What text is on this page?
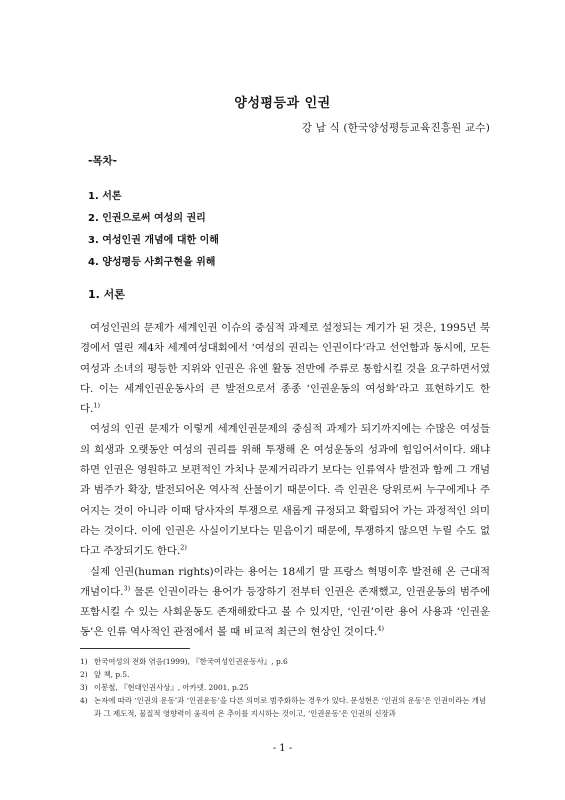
양성평등과 인권
강 남 식 (한국양성평등교육진흥원 교수)
-목차-
1. 서론
2. 인권으로써 여성의 권리
3. 여성인권 개념에 대한 이해
4. 양성평등 사회구현을 위해
1. 서론

여성인권의 문제가 세계인권 이슈의 중심적 과제로 설정되는 계기가 된 것은, 1995년 북경에서 열린 제4차 세계여성대회에서 ‘여성의 권리는 인권이다’라고 선언함과 동시에, 모든 여성과 소녀의 평등한 지위와 인권은 유엔 활동 전반에 주류로 통합시킬 것을 요구하면서였다. 이는 세계인권운동사의 큰 발전으로서 종종 ‘인권운동의 여성화’라고 표현하기도 한다.$^{1)}$

여성의 인권 문제가 이렇게 세계인권문제의 중심적 과제가 되기까지에는 수많은 여성들의 희생과 오랫동안 여성의 권리를 위해 투쟁해 온 여성운동의 성과에 힘입어서이다. 왜냐하면 인권은 영원하고 보편적인 가치나 문제거리라기 보다는 인류역사 발전과 함께 그 개념과 범주가 확장, 발전되어온 역사적 산물이기 때문이다. 즉 인권은 당위로써 누구에게나 주어지는 것이 아니라 이때 당사자의 투쟁으로 새롭게 규정되고 확립되어 가는 과정적인 의미라는 것이다. 이에 인권은 사실이기보다는 믿음이기 때문에, 투쟁하지 않으면 누릴 수도 없다고 주장되기도 한다.$^{2)}$

실제 인권(human rights)이라는 용어는 18세기 말 프랑스 혁명이후 발전해 온 근대적 개념이다.$^{3)}$ 물론 인권이라는 용어가 등장하기 전부터 인권은 존재했고, 인권운동의 범주에 포함시킬 수 있는 사회운동도 존재해왔다고 볼 수 있지만, ‘인권’이란 용어 사용과 ‘인권운동’은 인류 역사적인 관점에서 볼 때 비교적 최근의 현상인 것이다.$^{4)}$

1) 한국여성의 전화 엮음(1999), 『한국여성인권운동사』, p.6
2) 앞 책, p.5.
3) 이봉철, 『현대인권사상』, 아카넷. 2001, p.25
4) 논자에 따라 ‘인권의 운동’과 ‘인권운동’을 다른 의미로 범주화하는 경우가 있다. 문성현은 ‘인권의 운동’은 인권이라는 개념과 그 제도적, 물질적 영향력이 움직여 온 추이를 지시하는 것이고, ‘인권운동’은 인권의 신장과
- 1 -
